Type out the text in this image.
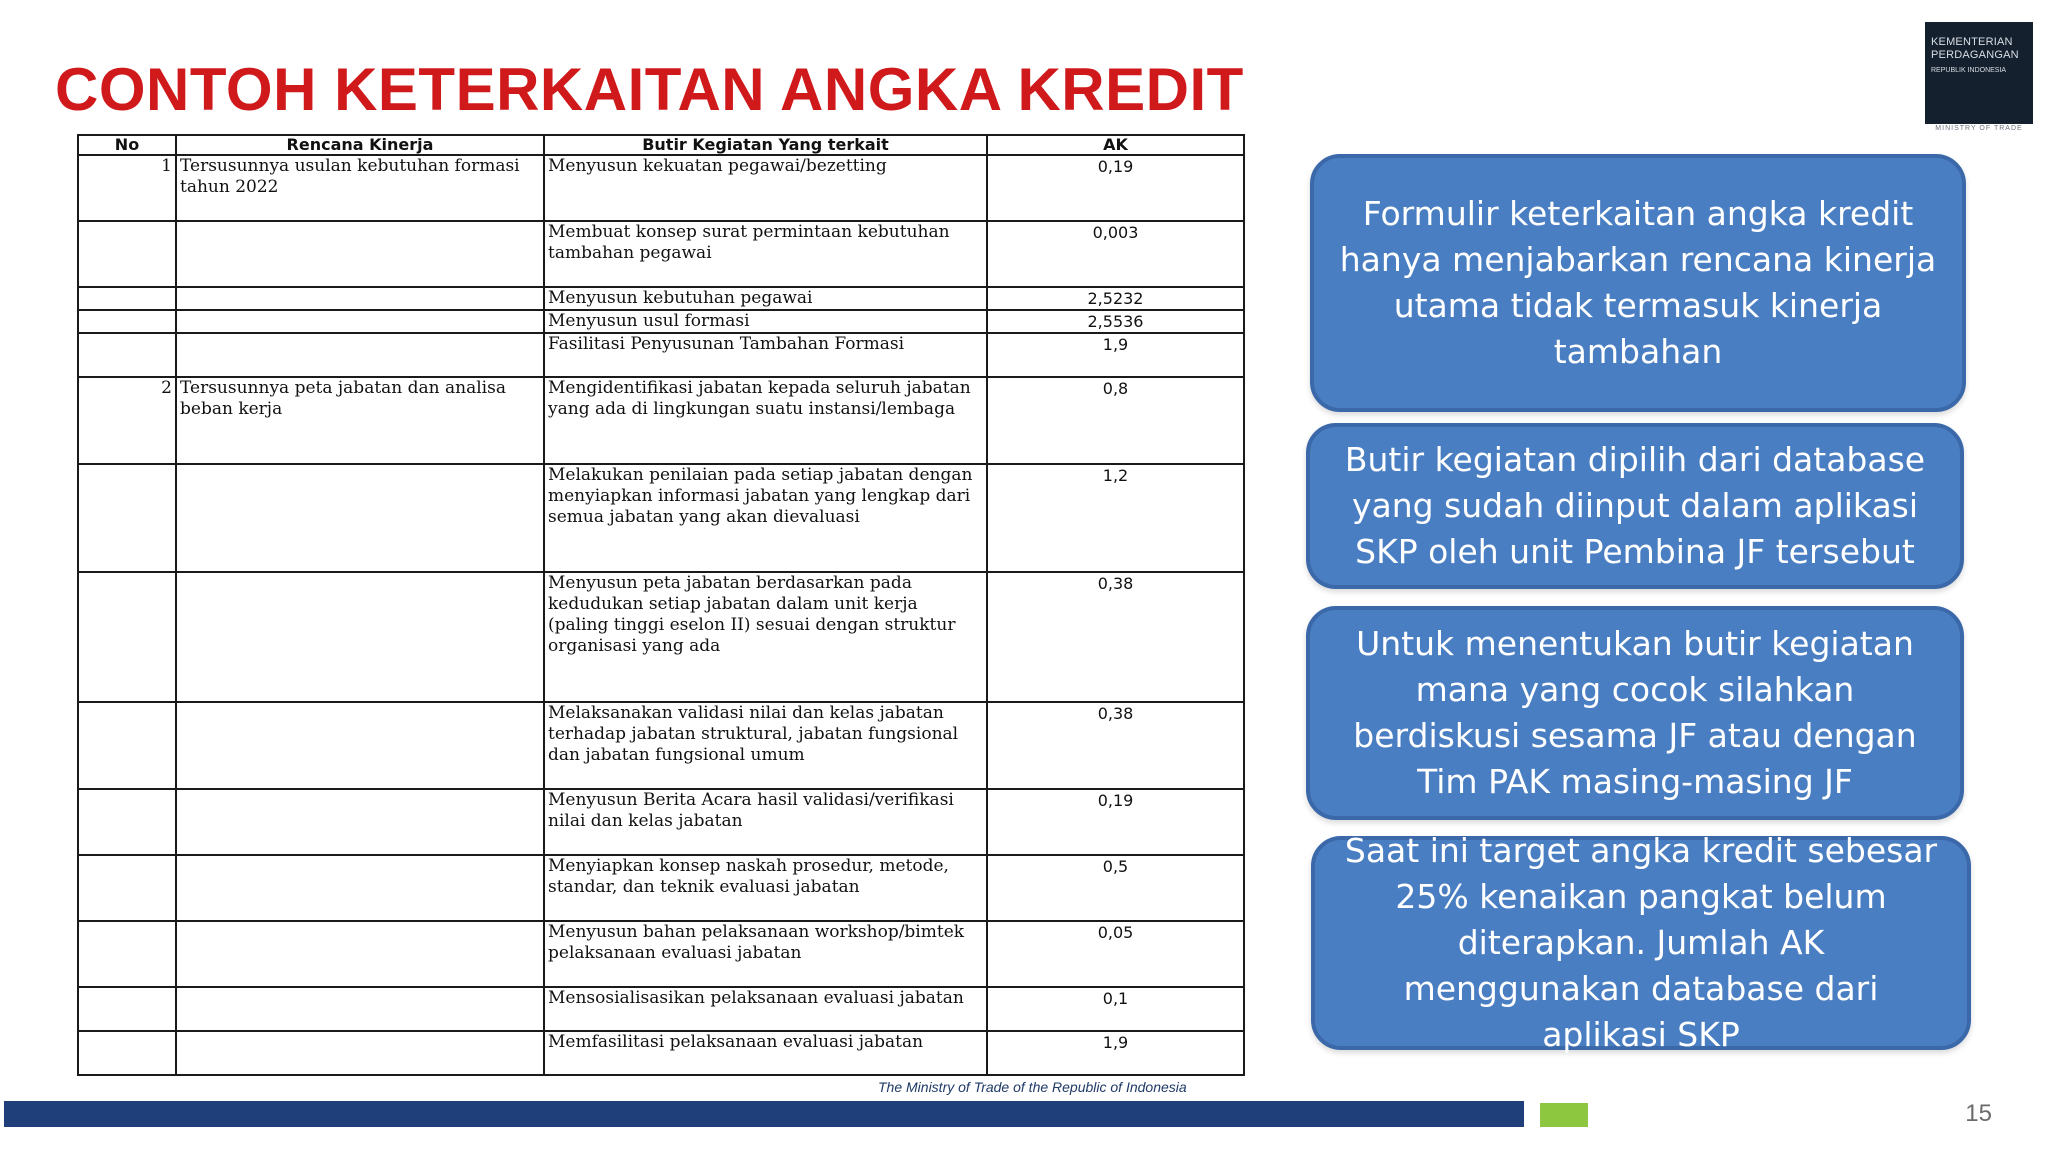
CONTOH KETERKAITAN ANGKA KREDIT
KEMENTERIAN
PERDAGANGAN
REPUBLIK INDONESIA
MINISTRY OF TRADE
No	Rencana Kinerja	Butir Kegiatan Yang terkait	AK
1	Tersusunnya usulan kebutuhan formasi tahun 2022	Menyusun kekuatan pegawai/bezetting	0,19
		Membuat konsep surat permintaan kebutuhan tambahan pegawai	0,003
		Menyusun kebutuhan pegawai	2,5232
		Menyusun usul formasi	2,5536
		Fasilitasi Penyusunan Tambahan Formasi	1,9
2	Tersusunnya peta jabatan dan analisa beban kerja	Mengidentifikasi jabatan kepada seluruh jabatan yang ada di lingkungan suatu instansi/lembaga	0,8
		Melakukan penilaian pada setiap jabatan dengan menyiapkan informasi jabatan yang lengkap dari semua jabatan yang akan dievaluasi	1,2
		Menyusun peta jabatan berdasarkan pada kedudukan setiap jabatan dalam unit kerja (paling tinggi eselon II) sesuai dengan struktur organisasi yang ada	0,38
		Melaksanakan validasi nilai dan kelas jabatan terhadap jabatan struktural, jabatan fungsional dan jabatan fungsional umum	0,38
		Menyusun Berita Acara hasil validasi/verifikasi nilai dan kelas jabatan	0,19
		Menyiapkan konsep naskah prosedur, metode, standar, dan teknik evaluasi jabatan	0,5
		Menyusun bahan pelaksanaan workshop/bimtek pelaksanaan evaluasi jabatan	0,05
		Mensosialisasikan pelaksanaan evaluasi jabatan	0,1
		Memfasilitasi pelaksanaan evaluasi jabatan	1,9
Formulir keterkaitan angka kredit hanya menjabarkan rencana kinerja utama tidak termasuk kinerja tambahan
Butir kegiatan dipilih dari database yang sudah diinput dalam aplikasi SKP oleh unit Pembina JF tersebut
Untuk menentukan butir kegiatan mana yang cocok silahkan berdiskusi sesama JF atau dengan Tim PAK masing-masing JF
Saat ini target angka kredit sebesar 25% kenaikan pangkat belum diterapkan. Jumlah AK menggunakan database dari aplikasi SKP
The Ministry of Trade of the Republic of Indonesia
15
